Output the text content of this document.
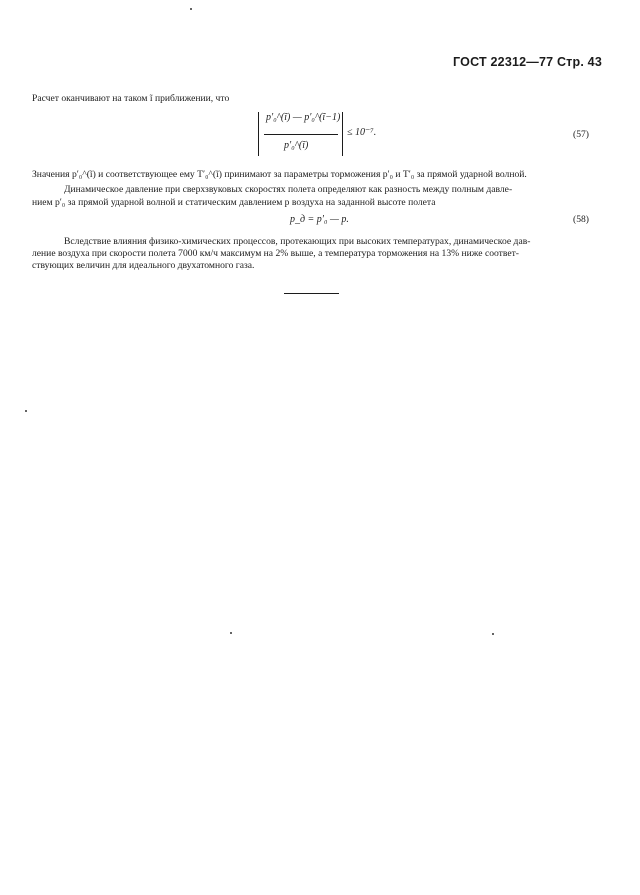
ГОСТ 22312—77 Стр. 43
Расчет оканчивают на таком ĩ приближении, что
p′₀^(ĩ) — p′₀^(ĩ−1)
p′₀^(ĩ)
≤ 10⁻⁷.	(57)
Значения p′₀^(ĩ) и соответствующее ему T′₀^(ĩ) принимают за параметры торможения p′₀ и T′₀ за прямой ударной волной.
Динамическое давление при сверхзвуковых скоростях полета определяют как разность между полным давле-
нием p′₀ за прямой ударной волной и статическим давлением p воздуха на заданной высоте полета
p_д = p′₀ — p.	(58)
Вследствие влияния физико-химических процессов, протекающих при высоких температурах, динамическое дав-
ление воздуха при скорости полета 7000 км/ч максимум на 2% выше, а температура торможения на 13% ниже соответ-
ствующих величин для идеального двухатомного газа.
